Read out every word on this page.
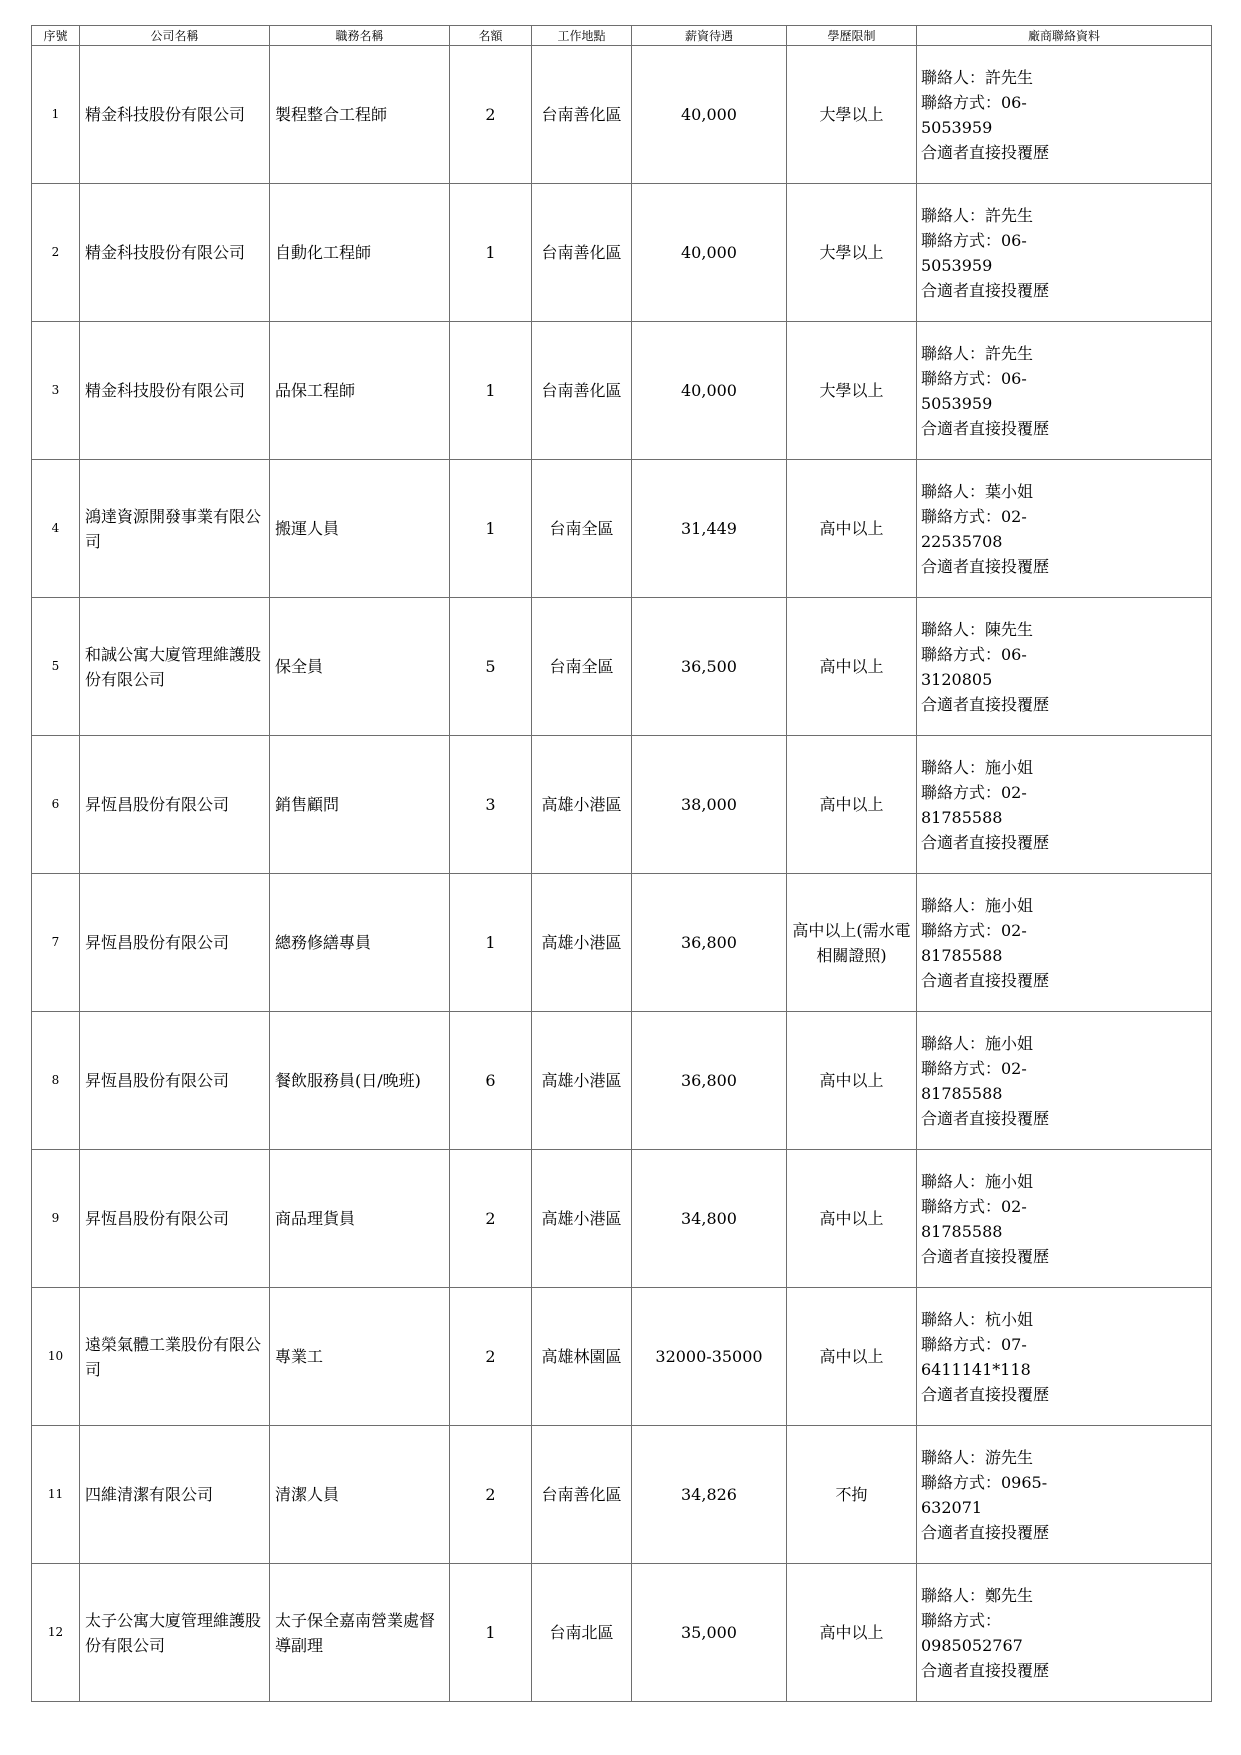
序號	公司名稱	職務名稱	名額	工作地點	薪資待遇	學歷限制	廠商聯絡資料
1	精金科技股份有限公司	製程整合工程師	2	台南善化區	40,000	大學以上	聯絡人：許先生
聯絡方式：06-
5053959
合適者直接投覆歷
2	精金科技股份有限公司	自動化工程師	1	台南善化區	40,000	大學以上	聯絡人：許先生
聯絡方式：06-
5053959
合適者直接投覆歷
3	精金科技股份有限公司	品保工程師	1	台南善化區	40,000	大學以上	聯絡人：許先生
聯絡方式：06-
5053959
合適者直接投覆歷
4	鴻達資源開發事業有限公司	搬運人員	1	台南全區	31,449	高中以上	聯絡人：葉小姐
聯絡方式：02-
22535708
合適者直接投覆歷
5	和誠公寓大廈管理維護股份有限公司	保全員	5	台南全區	36,500	高中以上	聯絡人：陳先生
聯絡方式：06-
3120805
合適者直接投覆歷
6	昇恆昌股份有限公司	銷售顧問	3	高雄小港區	38,000	高中以上	聯絡人：施小姐
聯絡方式：02-
81785588
合適者直接投覆歷
7	昇恆昌股份有限公司	總務修繕專員	1	高雄小港區	36,800	高中以上(需水電相關證照)	聯絡人：施小姐
聯絡方式：02-
81785588
合適者直接投覆歷
8	昇恆昌股份有限公司	餐飲服務員(日/晚班)	6	高雄小港區	36,800	高中以上	聯絡人：施小姐
聯絡方式：02-
81785588
合適者直接投覆歷
9	昇恆昌股份有限公司	商品理貨員	2	高雄小港區	34,800	高中以上	聯絡人：施小姐
聯絡方式：02-
81785588
合適者直接投覆歷
10	遠榮氣體工業股份有限公司	專業工	2	高雄林園區	32000-35000	高中以上	聯絡人：杭小姐
聯絡方式：07-
6411141*118
合適者直接投覆歷
11	四維清潔有限公司	清潔人員	2	台南善化區	34,826	不拘	聯絡人：游先生
聯絡方式：0965-
632071
合適者直接投覆歷
12	太子公寓大廈管理維護股份有限公司	太子保全嘉南營業處督導副理	1	台南北區	35,000	高中以上	聯絡人：鄭先生
聯絡方式：
0985052767
合適者直接投覆歷
